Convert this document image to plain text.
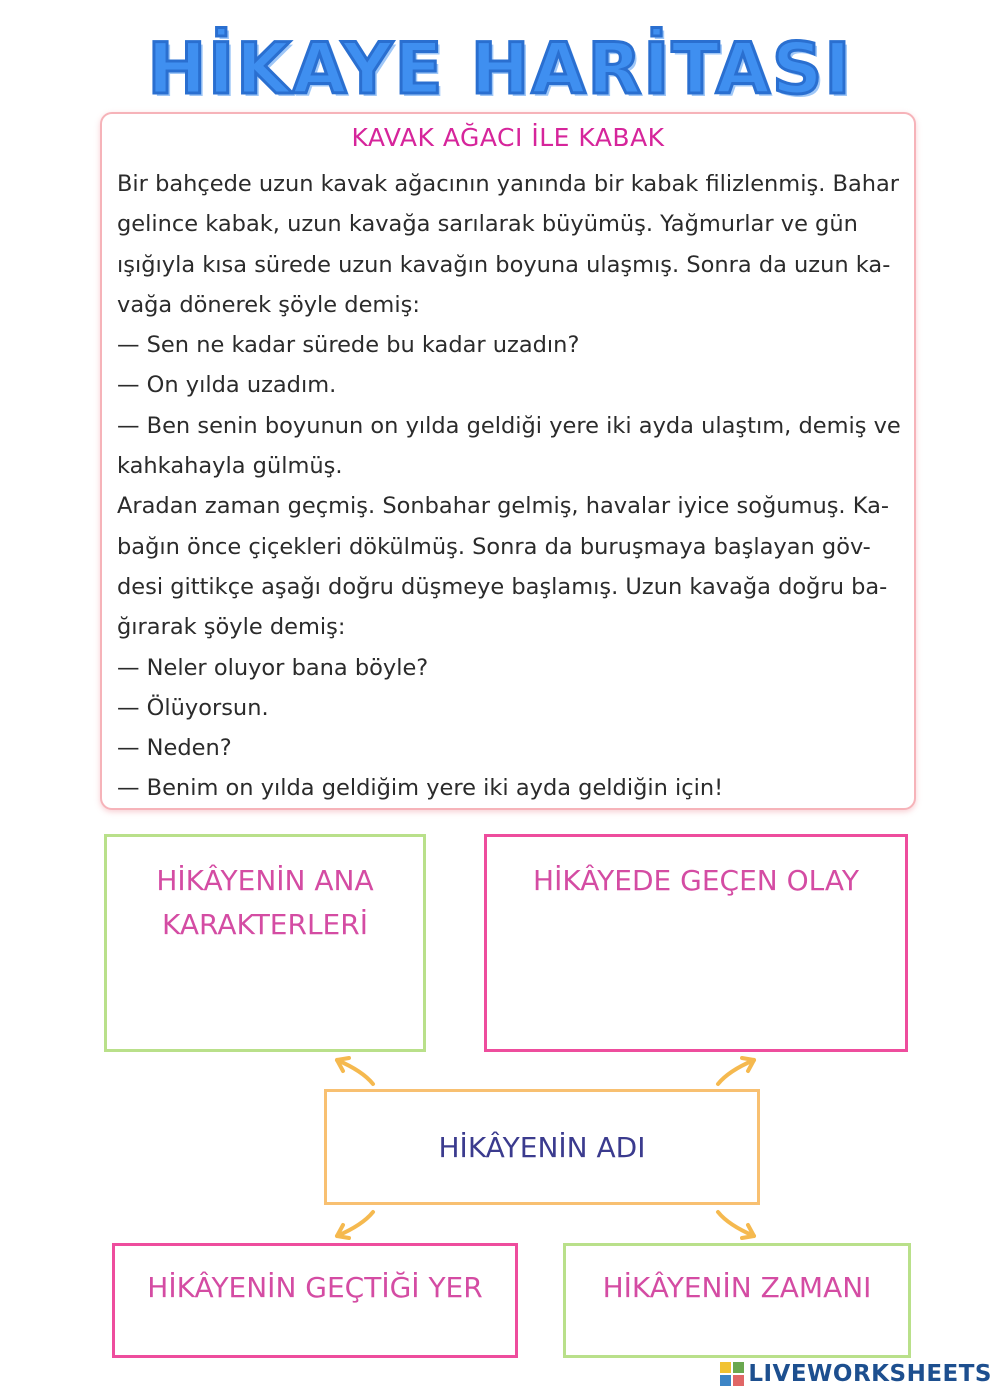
HİKAYE HARİTASI
KAVAK AĞACI İLE KABAK

Bir bahçede uzun kavak ağacının yanında bir kabak filizlenmiş. Bahar

gelince kabak, uzun kavağa sarılarak büyümüş. Yağmurlar ve gün

ışığıyla kısa sürede uzun kavağın boyuna ulaşmış. Sonra da uzun ka-

vağa dönerek şöyle demiş:

— Sen ne kadar sürede bu kadar uzadın?

— On yılda uzadım.

— Ben senin boyunun on yılda geldiği yere iki ayda ulaştım, demiş ve

kahkahayla gülmüş.

Aradan zaman geçmiş. Sonbahar gelmiş, havalar iyice soğumuş. Ka-

bağın önce çiçekleri dökülmüş. Sonra da buruşmaya başlayan göv-

desi gittikçe aşağı doğru düşmeye başlamış. Uzun kavağa doğru ba-

ğırarak şöyle demiş:

— Neler oluyor bana böyle?

— Ölüyorsun.

— Neden?

— Benim on yılda geldiğim yere iki ayda geldiğin için!

HİKÂYENİN ANA
KARAKTERLERİ
HİKÂYEDE GEÇEN OLAY
HİKÂYENİN ADI
HİKÂYENİN GEÇTİĞİ YER	HİKÂYENİN ZAMANI
LIVEWORKSHEETS
